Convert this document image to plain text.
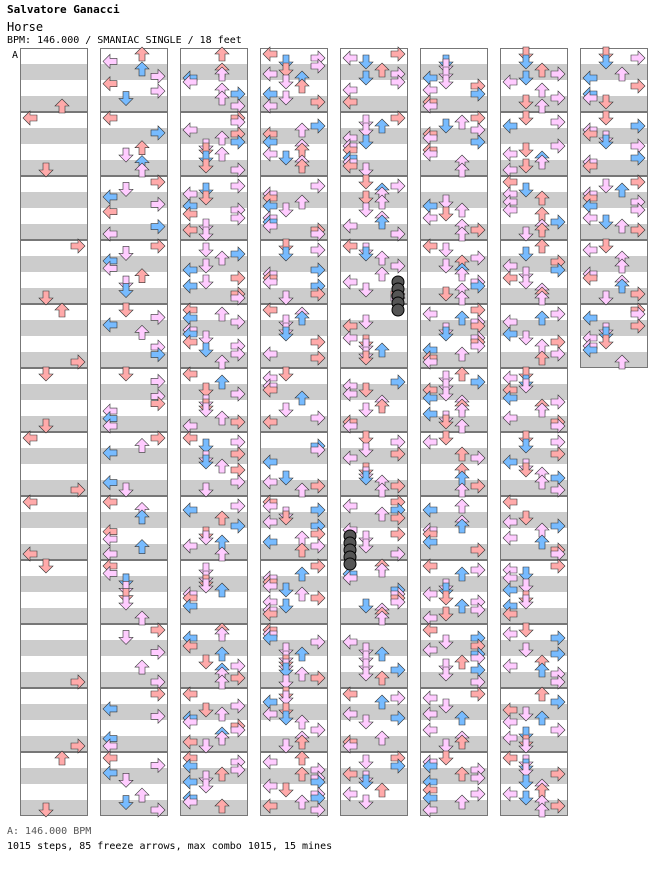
Salvatore Ganacci
Horse
BPM: 146.000 / SMANIAC SINGLE / 18 feet
A
A: 146.000 BPM
1015 steps, 85 freeze arrows, max combo 1015, 15 mines
